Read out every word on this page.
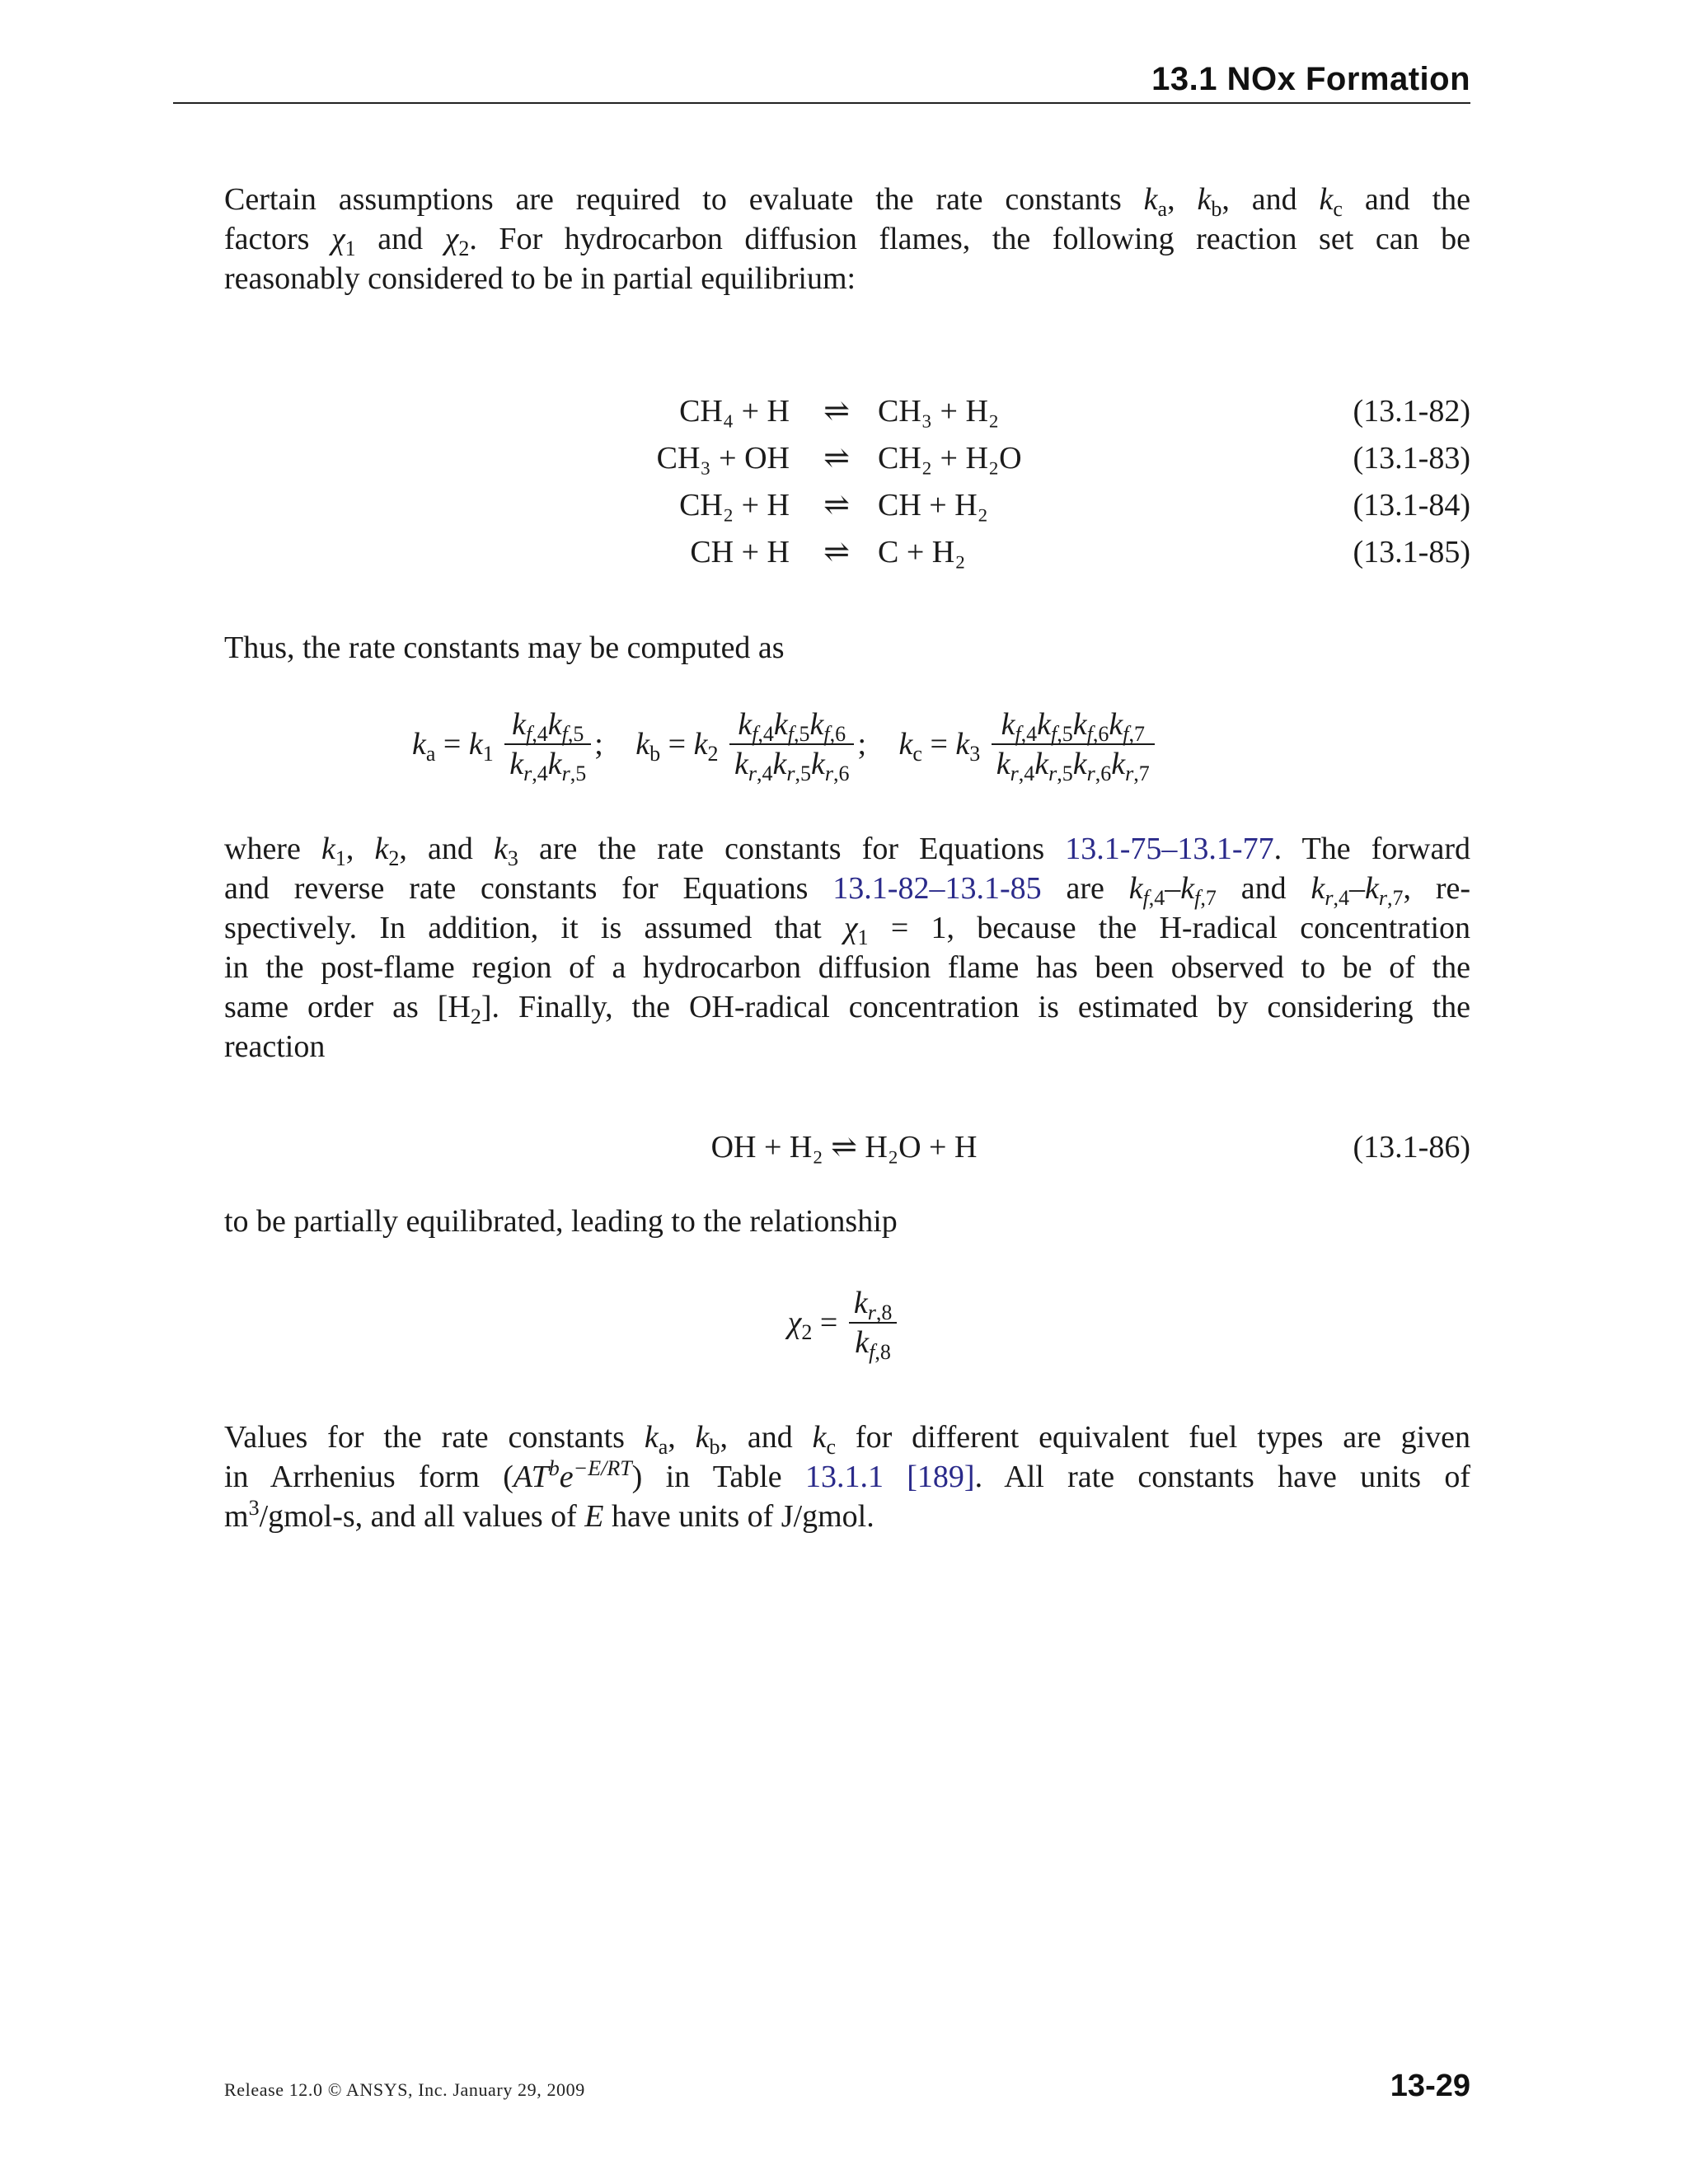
13.1 NOx Formation
Certain assumptions are required to evaluate the rate constants $k_a$, $k_b$, and $k_c$ and the
factors $\chi_1$ and $\chi_2$. For hydrocarbon diffusion flames, the following reaction set can be
reasonably considered to be in partial equilibrium:
CH₄ + H ⇌ CH₃ + H₂	(13.1-82)
CH₃ + OH ⇌ CH₂ + H₂O	(13.1-83)
CH₂ + H ⇌ CH + H₂	(13.1-84)
CH + H ⇌ C + H₂	(13.1-85)
Thus, the rate constants may be computed as
$k_a = k_1 \frac{k_{f,4}k_{f,5}}{k_{r,4}k_{r,5}}$ ; $k_b = k_2 \frac{k_{f,4}k_{f,5}k_{f,6}}{k_{r,4}k_{r,5}k_{r,6}}$ ; $k_c = k_3 \frac{k_{f,4}k_{f,5}k_{f,6}k_{f,7}}{k_{r,4}k_{r,5}k_{r,6}k_{r,7}}$
where $k_1$, $k_2$, and $k_3$ are the rate constants for Equations 13.1-75–13.1-77. The forward
and reverse rate constants for Equations 13.1-82–13.1-85 are $k_{f,4}-k_{f,7}$ and $k_{r,4}-k_{r,7}$, re-
spectively. In addition, it is assumed that $\chi_1 = 1$, because the H-radical concentration
in the post-flame region of a hydrocarbon diffusion flame has been observed to be of the
same order as $[H_2]$. Finally, the OH-radical concentration is estimated by considering the
reaction
OH + H₂ ⇌ H₂O + H	(13.1-86)
to be partially equilibrated, leading to the relationship
$\chi_2 = \frac{k_{r,8}}{k_{f,8}}$
Values for the rate constants $k_a$, $k_b$, and $k_c$ for different equivalent fuel types are given
in Arrhenius form $(AT^be^{-E/RT})$ in Table 13.1.1 [189]. All rate constants have units of
$m^3/gmol-s$, and all values of E have units of J/gmol.
Release 12.0 © ANSYS, Inc. January 29, 2009	13-29
